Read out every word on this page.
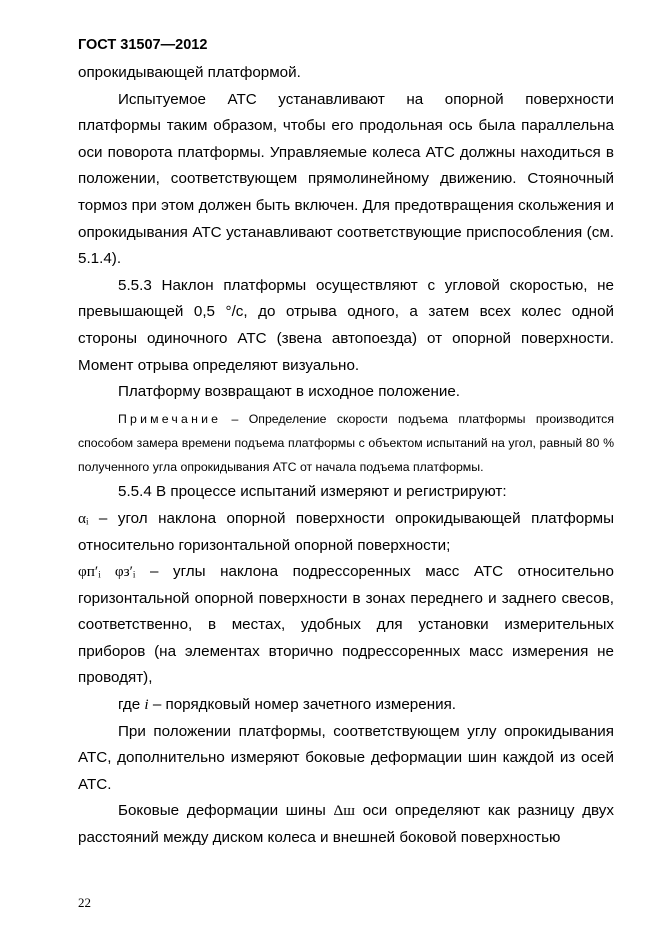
ГОСТ 31507—2012

опрокидывающей платформой.

Испытуемое АТС устанавливают на опорной поверхности платформы таким образом, чтобы его продольная ось была параллельна оси поворота платформы. Управляемые колеса АТС должны находиться в положении, соответствующем прямолинейному движению. Стояночный тормоз при этом должен быть включен. Для предотвращения скольжения и опрокидывания АТС устанавливают соответствующие приспособления (см. 5.1.4).

5.5.3 Наклон платформы осуществляют с угловой скоростью, не превышающей 0,5 °/с, до отрыва одного, а затем всех колес одной стороны одиночного АТС (звена автопоезда) от опорной поверхности. Момент отрыва определяют визуально.

Платформу возвращают в исходное положение.

Примечание – Определение скорости подъема платформы производится способом замера времени подъема платформы с объектом испытаний на угол, равный 80 % полученного угла опрокидывания АТС от начала подъема платформы.

5.5.4 В процессе испытаний измеряют и регистрируют:

αᵢ – угол наклона опорной поверхности опрокидывающей платформы относительно горизонтальной опорной поверхности;

φп′ᵢ φз′ᵢ – углы наклона подрессоренных масс АТС относительно горизонтальной опорной поверхности в зонах переднего и заднего свесов, соответственно, в местах, удобных для установки измерительных приборов (на элементах вторично подрессоренных масс измерения не проводят),

где i – порядковый номер зачетного измерения.

При положении платформы, соответствующем углу опрокидывания АТС, дополнительно измеряют боковые деформации шин каждой из осей АТС.

Боковые деформации шины Δш оси определяют как разницу двух расстояний между диском колеса и внешней боковой поверхностью

22
